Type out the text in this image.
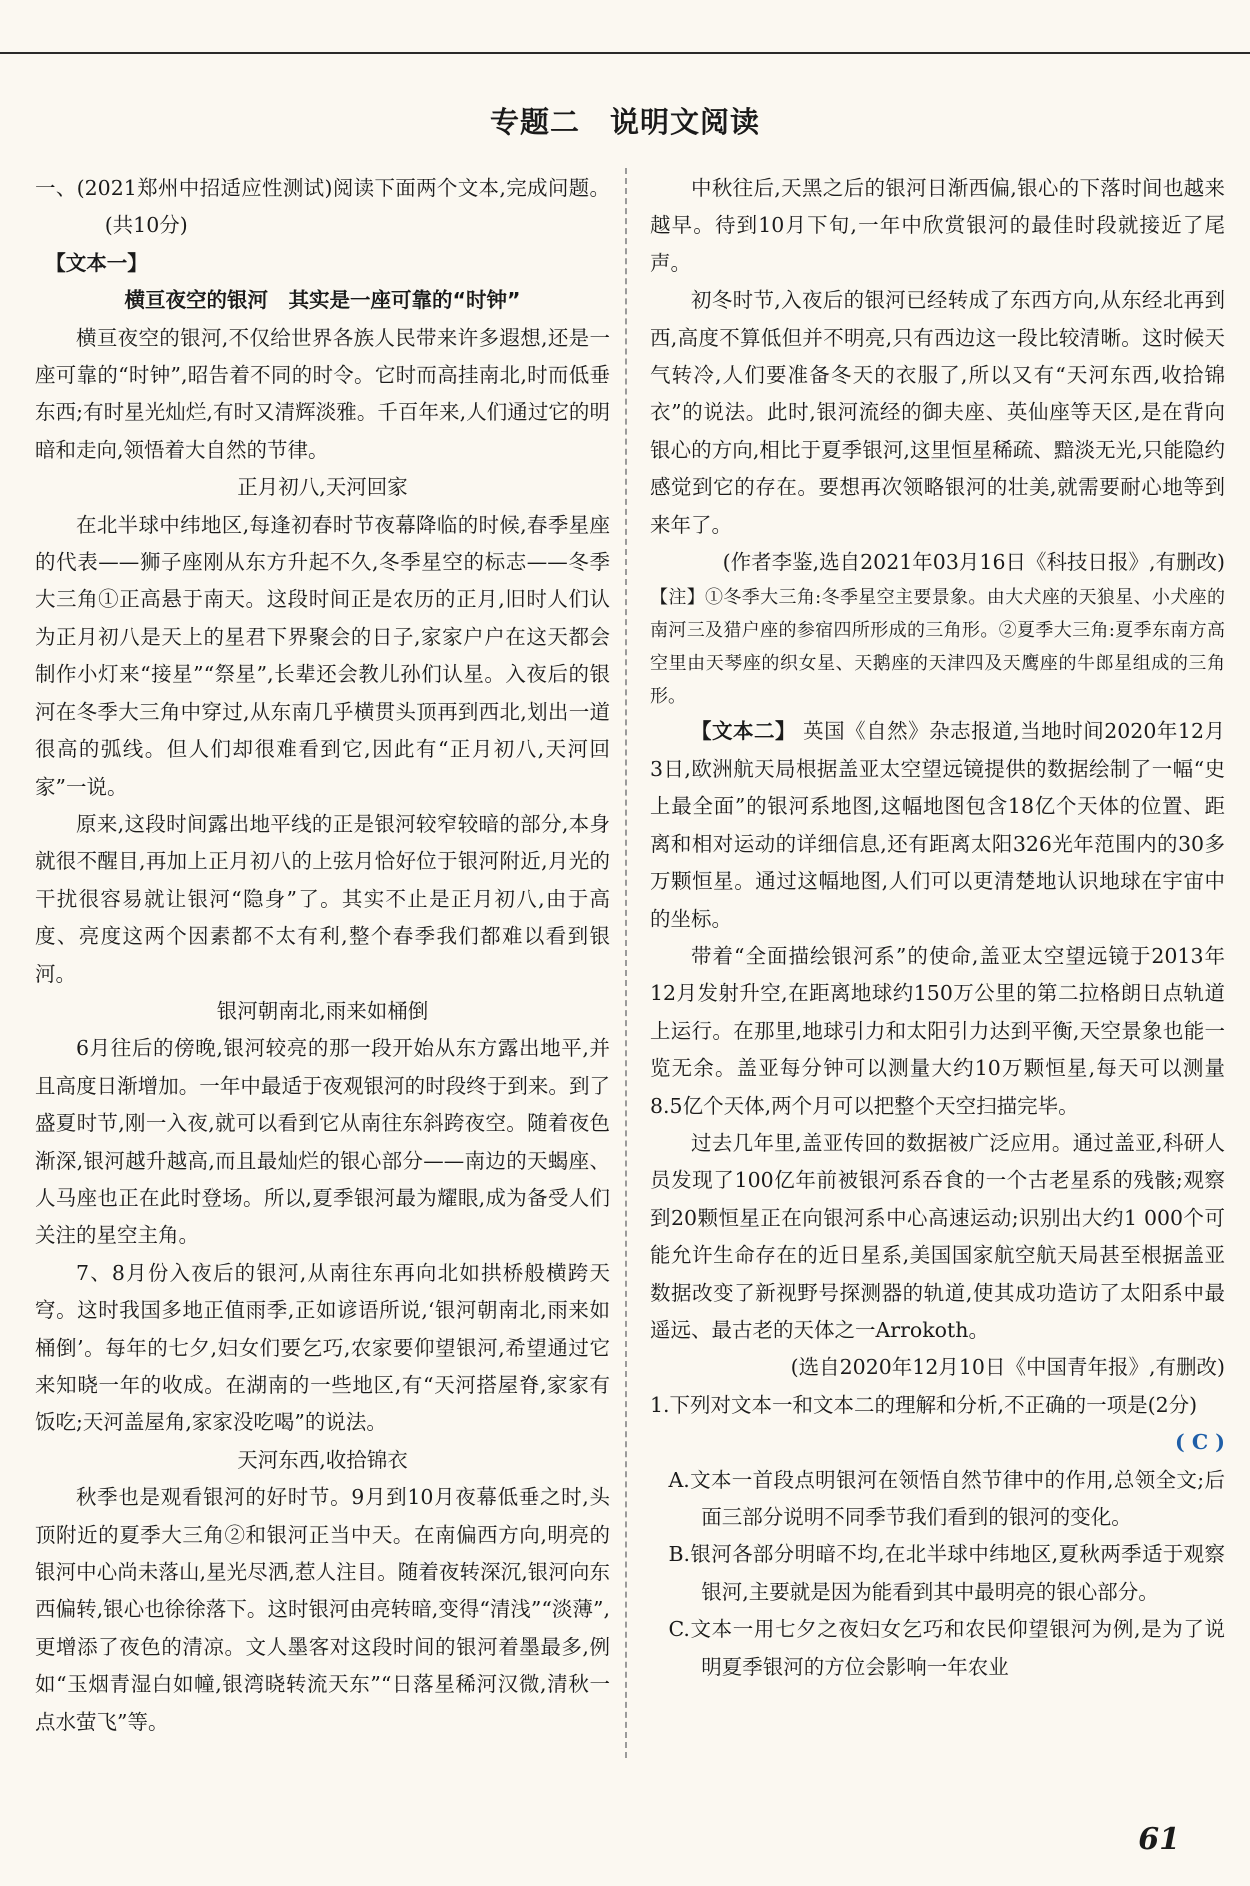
专题二　说明文阅读

一、(2021郑州中招适应性测试)阅读下面两个文本,完成问题。(共10分)

【文本一】

横亘夜空的银河　其实是一座可靠的“时钟”

横亘夜空的银河,不仅给世界各族人民带来许多遐想,还是一座可靠的“时钟”,昭告着不同的时令。它时而高挂南北,时而低垂东西;有时星光灿烂,有时又清辉淡雅。千百年来,人们通过它的明暗和走向,领悟着大自然的节律。

正月初八,天河回家

在北半球中纬地区,每逢初春时节夜幕降临的时候,春季星座的代表——狮子座刚从东方升起不久,冬季星空的标志——冬季大三角①正高悬于南天。这段时间正是农历的正月,旧时人们认为正月初八是天上的星君下界聚会的日子,家家户户在这天都会制作小灯来“接星”“祭星”,长辈还会教儿孙们认星。入夜后的银河在冬季大三角中穿过,从东南几乎横贯头顶再到西北,划出一道很高的弧线。但人们却很难看到它,因此有“正月初八,天河回家”一说。

原来,这段时间露出地平线的正是银河较窄较暗的部分,本身就很不醒目,再加上正月初八的上弦月恰好位于银河附近,月光的干扰很容易就让银河“隐身”了。其实不止是正月初八,由于高度、亮度这两个因素都不太有利,整个春季我们都难以看到银河。

银河朝南北,雨来如桶倒

6月往后的傍晚,银河较亮的那一段开始从东方露出地平,并且高度日渐增加。一年中最适于夜观银河的时段终于到来。到了盛夏时节,刚一入夜,就可以看到它从南往东斜跨夜空。随着夜色渐深,银河越升越高,而且最灿烂的银心部分——南边的天蝎座、人马座也正在此时登场。所以,夏季银河最为耀眼,成为备受人们关注的星空主角。

7、8月份入夜后的银河,从南往东再向北如拱桥般横跨天穹。这时我国多地正值雨季,正如谚语所说,‘银河朝南北,雨来如桶倒’。每年的七夕,妇女们要乞巧,农家要仰望银河,希望通过它来知晓一年的收成。在湖南的一些地区,有“天河搭屋脊,家家有饭吃;天河盖屋角,家家没吃喝”的说法。

天河东西,收拾锦衣

秋季也是观看银河的好时节。9月到10月夜幕低垂之时,头顶附近的夏季大三角②和银河正当中天。在南偏西方向,明亮的银河中心尚未落山,星光尽洒,惹人注目。随着夜转深沉,银河向东西偏转,银心也徐徐落下。这时银河由亮转暗,变得“清浅”“淡薄”,更增添了夜色的清凉。文人墨客对这段时间的银河着墨最多,例如“玉烟青湿白如幢,银湾晓转流天东”“日落星稀河汉微,清秋一点水萤飞”等。

中秋往后,天黑之后的银河日渐西偏,银心的下落时间也越来越早。待到10月下旬,一年中欣赏银河的最佳时段就接近了尾声。

初冬时节,入夜后的银河已经转成了东西方向,从东经北再到西,高度不算低但并不明亮,只有西边这一段比较清晰。这时候天气转冷,人们要准备冬天的衣服了,所以又有“天河东西,收拾锦衣”的说法。此时,银河流经的御夫座、英仙座等天区,是在背向银心的方向,相比于夏季银河,这里恒星稀疏、黯淡无光,只能隐约感觉到它的存在。要想再次领略银河的壮美,就需要耐心地等到来年了。

(作者李鉴,选自2021年03月16日《科技日报》,有删改)

【注】①冬季大三角:冬季星空主要景象。由大犬座的天狼星、小犬座的南河三及猎户座的参宿四所形成的三角形。②夏季大三角:夏季东南方高空里由天琴座的织女星、天鹅座的天津四及天鹰座的牛郎星组成的三角形。

【文本二】 英国《自然》杂志报道,当地时间2020年12月3日,欧洲航天局根据盖亚太空望远镜提供的数据绘制了一幅“史上最全面”的银河系地图,这幅地图包含18亿个天体的位置、距离和相对运动的详细信息,还有距离太阳326光年范围内的30多万颗恒星。通过这幅地图,人们可以更清楚地认识地球在宇宙中的坐标。

带着“全面描绘银河系”的使命,盖亚太空望远镜于2013年12月发射升空,在距离地球约150万公里的第二拉格朗日点轨道上运行。在那里,地球引力和太阳引力达到平衡,天空景象也能一览无余。盖亚每分钟可以测量大约10万颗恒星,每天可以测量8.5亿个天体,两个月可以把整个天空扫描完毕。

过去几年里,盖亚传回的数据被广泛应用。通过盖亚,科研人员发现了100亿年前被银河系吞食的一个古老星系的残骸;观察到20颗恒星正在向银河系中心高速运动;识别出大约1 000个可能允许生命存在的近日星系,美国国家航空航天局甚至根据盖亚数据改变了新视野号探测器的轨道,使其成功造访了太阳系中最遥远、最古老的天体之一Arrokoth。

(选自2020年12月10日《中国青年报》,有删改)

1.下列对文本一和文本二的理解和分析,不正确的一项是(2分)

( C )

A.文本一首段点明银河在领悟自然节律中的作用,总领全文;后面三部分说明不同季节我们看到的银河的变化。

B.银河各部分明暗不均,在北半球中纬地区,夏秋两季适于观察银河,主要就是因为能看到其中最明亮的银心部分。

C.文本一用七夕之夜妇女乞巧和农民仰望银河为例,是为了说明夏季银河的方位会影响一年农业

61
